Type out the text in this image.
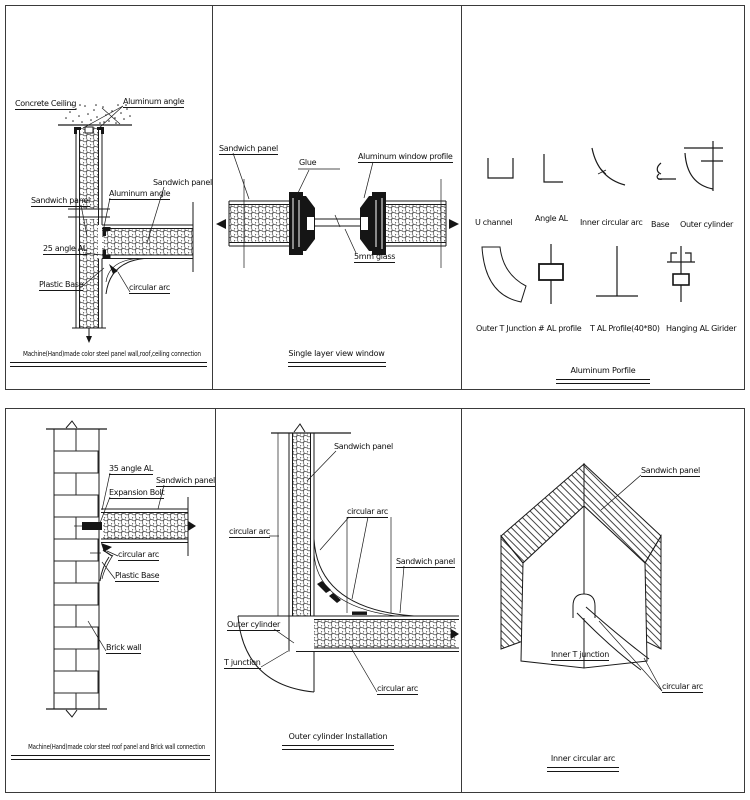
Concrete Ceiling	Aluminum angle
Sandwich panel
Aluminum angle
Sandwich panel
25 angle AL
Plastic Base	circular arc
Machine(Hand)made color steel panel wall,roof,ceiling connection
Sandwich panel
Glue
Aluminum window profile
5mm glass
Single layer view window
U channel	Angle AL Inner circular arc Base Outer cylinder
Outer T Junction # AL profile T AL Profile(40*80) Hanging AL Girider
Aluminum Porfile
35 angle AL
Sandwich panel
Expansion Bolt
circular arc
Plastic Base
Brick wall
Machine(Hand)made color steel roof panel and Brick wall connection
Sandwich panel
circular arc
circular arc
Sandwich panel
Outer cylinder
T junction
circular arc
Outer cylinder Installation
Sandwich panel
Inner T junction
circular arc
Inner circular arc
